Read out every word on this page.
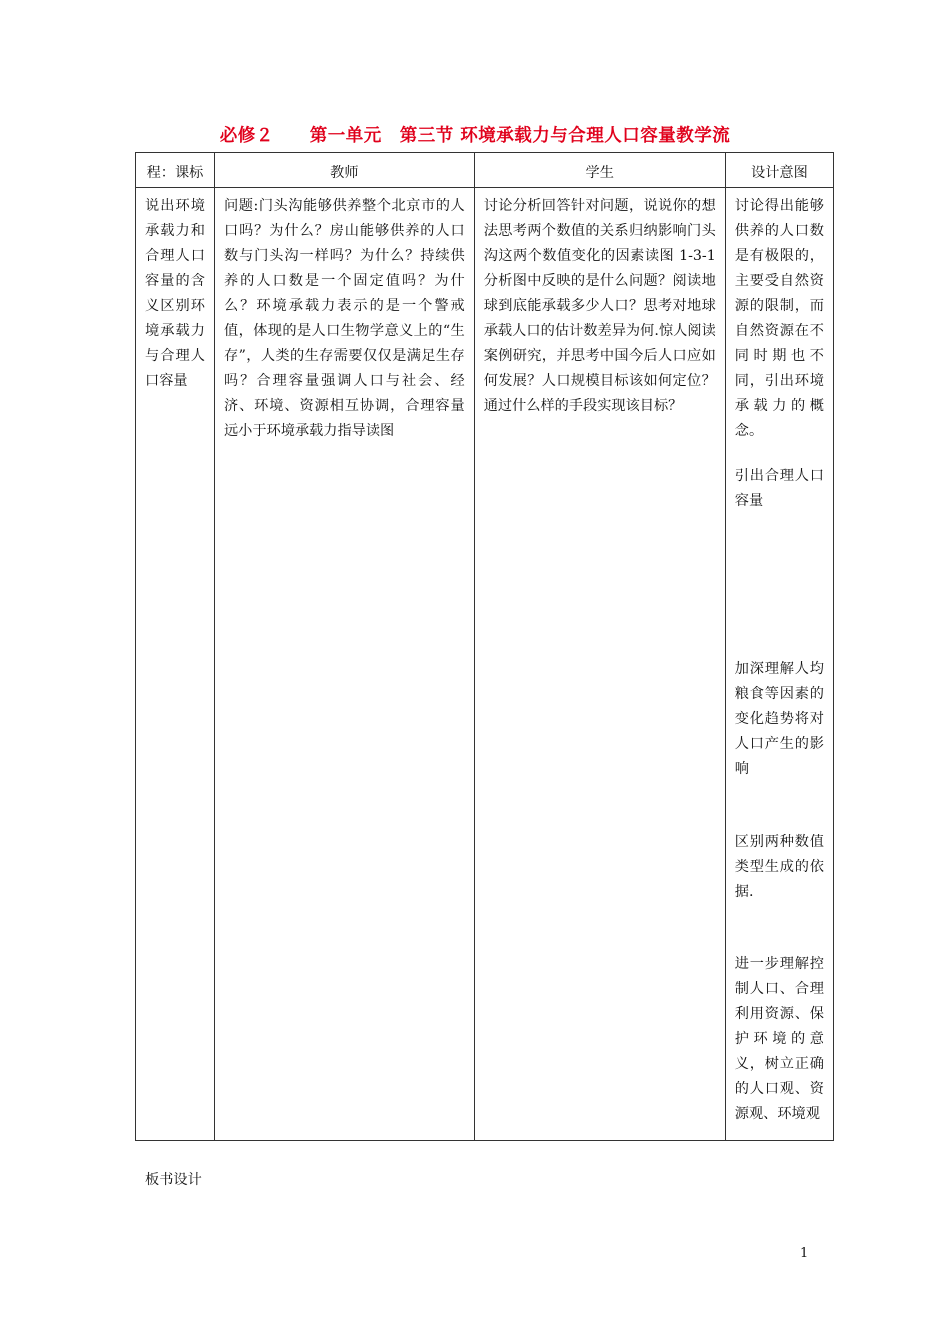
必修２　　第一单元　第三节 环境承载力与合理人口容量教学流
程：课标	教师	学生	设计意图
说出环境承载力和合理人口容量的含义区别环境承载力与合理人口容量	问题:门头沟能够供养整个北京市的人口吗？为什么？房山能够供养的人口数与门头沟一样吗？为什么？持续供养的人口数是一个固定值吗？为什么？环境承载力表示的是一个警戒值，体现的是人口生物学意义上的“生存”，人类的生存需要仅仅是满足生存吗？合理容量强调人口与社会、经济、环境、资源相互协调，合理容量远小于环境承载力指导读图	讨论分析回答针对问题，说说你的想法思考两个数值的关系归纳影响门头沟这两个数值变化的因素读图 1-3-1 分析图中反映的是什么问题？阅读地球到底能承载多少人口？思考对地球承载人口的估计数差异为何.惊人阅读案例研究，并思考中国今后人口应如何发展？人口规模目标该如何定位？通过什么样的手段实现该目标？	讨论得出能够供养的人口数是有极限的，主要受自然资源的限制，而自然资源在不同时期也不同，引出环境承载力的概念。
引出合理人口容量
加深理解人均粮食等因素的变化趋势将对人口产生的影响
区别两种数值类型生成的依据.
进一步理解控制人口、合理利用资源、保护环境的意义，树立正确的人口观、资源观、环境观
板书设计
1
